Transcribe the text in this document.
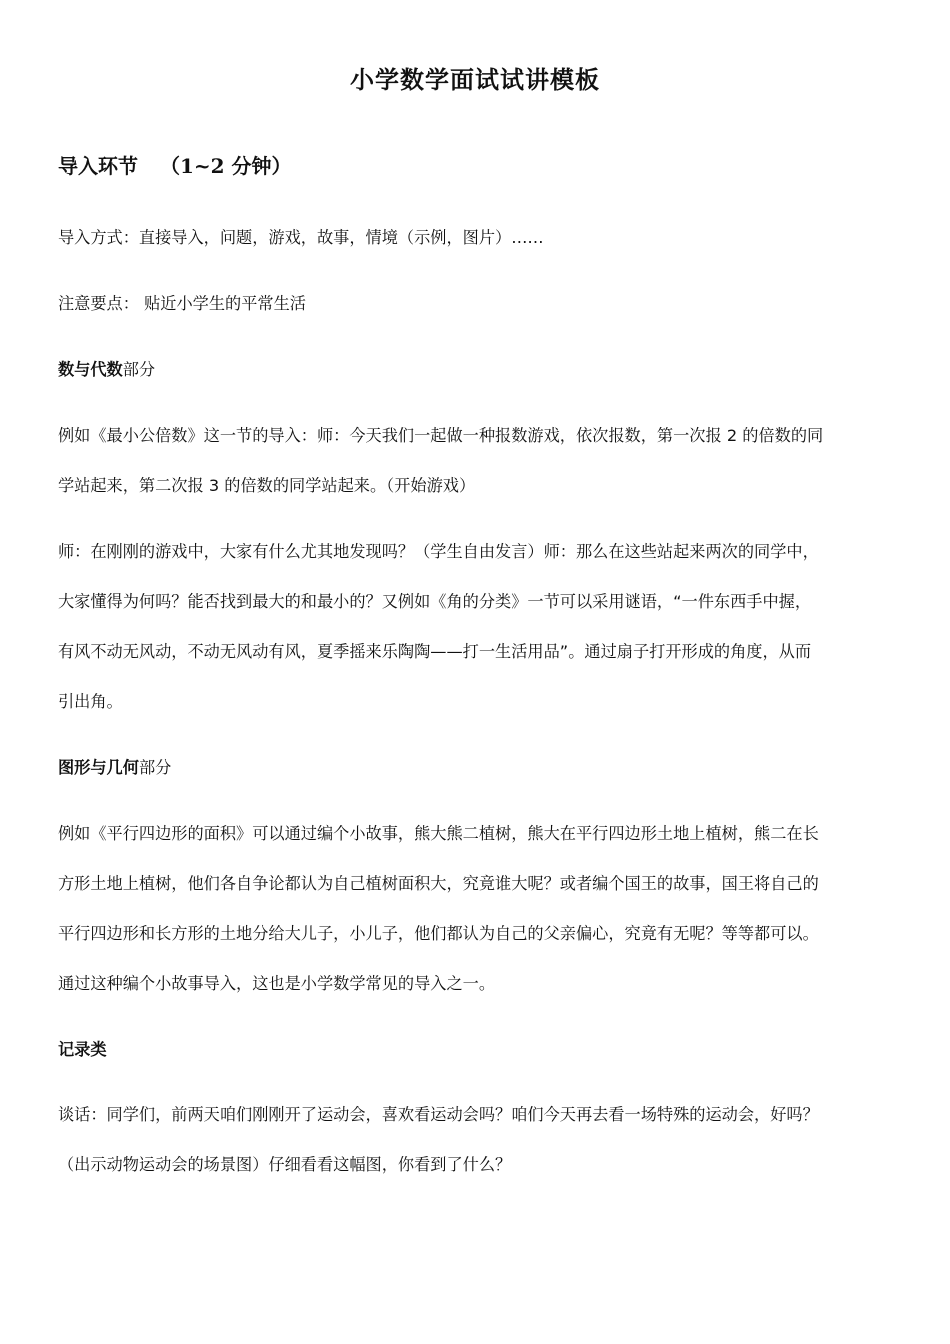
小学数学面试试讲模板
导入环节 （1~2 分钟）

导入方式：直接导入，问题，游戏，故事，情境（示例，图片）……

注意要点： 贴近小学生的平常生活

数与代数部分

例如《最小公倍数》这一节的导入：师：今天我们一起做一种报数游戏，依次报数，第一次报 2 的倍数的同
学站起来，第二次报 3 的倍数的同学站起来。（开始游戏）
师：在刚刚的游戏中，大家有什么尤其地发现吗？（学生自由发言）师：那么在这些站起来两次的同学中，
大家懂得为何吗？能否找到最大的和最小的？又例如《角的分类》一节可以采用谜语，“一件东西手中握，
有风不动无风动，不动无风动有风，夏季摇来乐陶陶——打一生活用品”。通过扇子打开形成的角度，从而
引出角。

图形与几何部分

例如《平行四边形的面积》可以通过编个小故事，熊大熊二植树，熊大在平行四边形土地上植树，熊二在长
方形土地上植树，他们各自争论都认为自己植树面积大，究竟谁大呢？或者编个国王的故事，国王将自己的
平行四边形和长方形的土地分给大儿子，小儿子，他们都认为自己的父亲偏心，究竟有无呢？等等都可以。
通过这种编个小故事导入，这也是小学数学常见的导入之一。

记录类

谈话：同学们，前两天咱们刚刚开了运动会，喜欢看运动会吗？咱们今天再去看一场特殊的运动会，好吗？
（出示动物运动会的场景图）仔细看看这幅图，你看到了什么？
